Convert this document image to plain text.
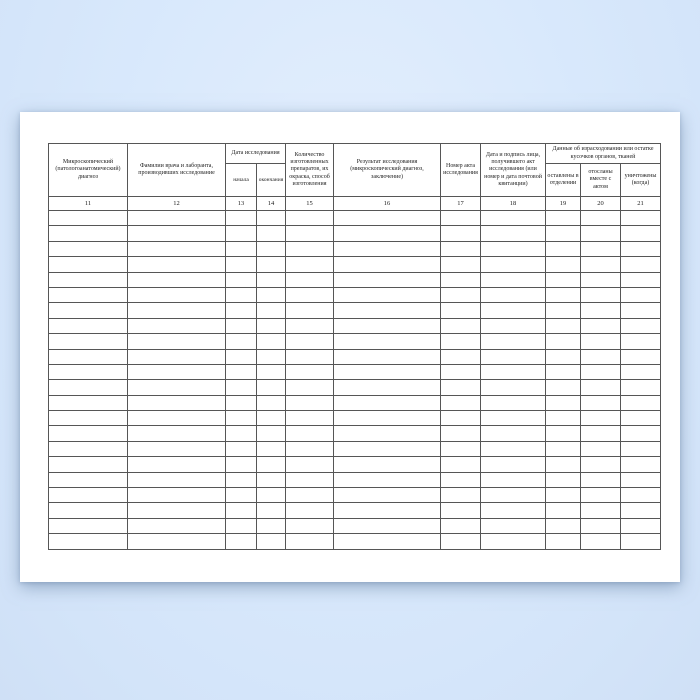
Микроскопический (патологоанатомический) диагноз	Фамилии врача и лаборанта, производивших исследование	Дата исследования		Количество изготовленных препаратов, их окраска, способ изготовления	Результат исследования (микроскопический диагноз, заключение)	Номер акта исследования	Дата и подпись лица, получившего акт исследования (или номер и дата почтовой квитанции)	Данные об израсходовании или остатке кусочков органов, тканей		
		начала	окончания					оставлены в отделении	отосланы вместе с актом	уничтожены (когда)
11	12	13	14	15	16	17	18	19	20	21
